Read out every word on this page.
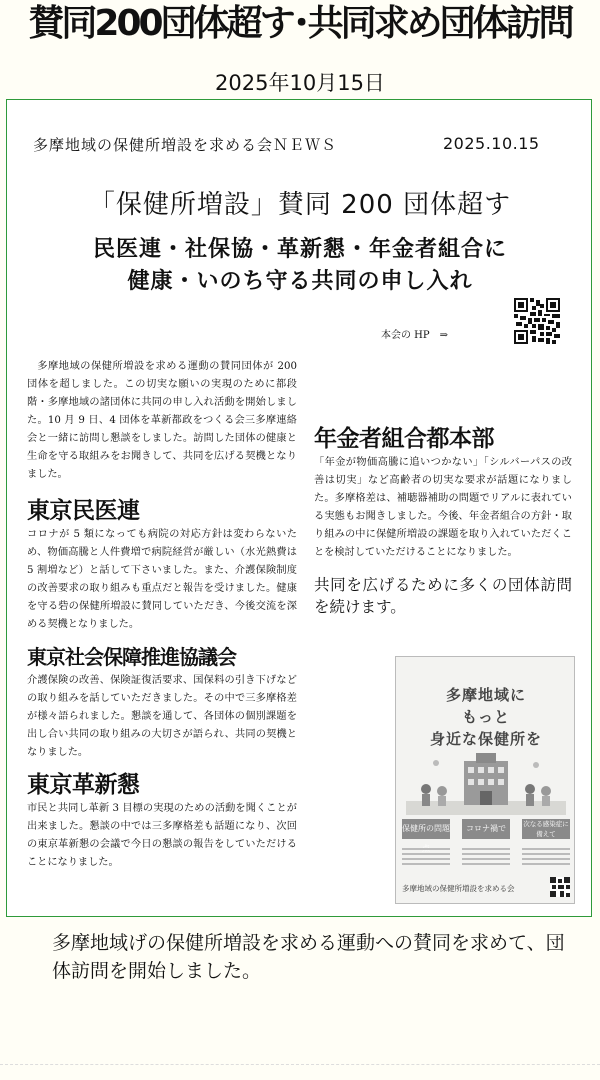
賛同200団体超す･共同求め団体訪問
2025年10月15日
多摩地域の保健所増設を求める会ＮＥＷＳ	2025.10.15
「保健所増設」賛同 200 団体超す
民医連・社保協・革新懇・年金者組合に
健康・いのち守る共同の申し入れ
本会の HP　⇒

多摩地域の保健所増設を求める運動の賛同団体が 200 団体を超しました。この切実な願いの実現のために都段階・多摩地域の諸団体に共同の申し入れ活動を開始しました。10 月 9 日、4 団体を革新都政をつくる会三多摩連絡会と一緒に訪問し懇談をしました。訪問した団体の健康と生命を守る取組みをお聞きして、共同を広げる契機となりました。

東京民医連

コロナが 5 類になっても病院の対応方針は変わらないため、物価高騰と人件費増で病院経営が厳しい（水光熱費は 5 割増など）と話して下さいました。また、介護保険制度の改善要求の取り組みも重点だと報告を受けました。健康を守る砦の保健所増設に賛同していただき、今後交流を深める契機となりました。

東京社会保障推進協議会

介護保険の改善、保険証復活要求、国保料の引き下げなどの取り組みを話していただきました。その中で三多摩格差が様々語られました。懇談を通して、各団体の個別課題を出し合い共同の取り組みの大切さが語られ、共同の契機となりました。

東京革新懇

市民と共同し革新 3 目標の実現のための活動を聞くことが出来ました。懇談の中では三多摩格差も話題になり、次回の東京革新懇の会議で今日の懇談の報告をしていただけることになりました。

年金者組合都本部

「年金が物価高騰に追いつかない」「シルバーパスの改善は切実」など高齢者の切実な要求が話題になりました。多摩格差は、補聴器補助の問題でリアルに表れている実態もお聞きしました。今後、年金者組合の方針・取り組みの中に保健所増設の課題を取り入れていただくことを検討していただけることになりました。

共同を広げるために多くの団体訪問を続けます。

多摩地域に
もっと
身近な保健所を
保健所の問題	コロナ禍で	次なる感染症に備えて
多摩地域の保健所増設を求める会
多摩地域げの保健所増設を求める運動への賛同を求めて、団体訪問を開始しました。
